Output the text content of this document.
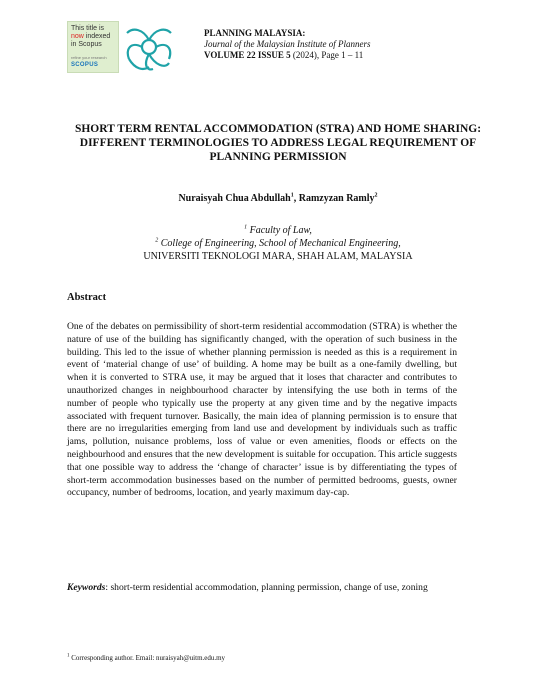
This title is
now indexed
in Scopus
refine your research
SCOPUS
PLANNING MALAYSIA:
Journal of the Malaysian Institute of Planners
VOLUME 22 ISSUE 5 (2024), Page 1 – 11
SHORT TERM RENTAL ACCOMMODATION (STRA) AND HOME SHARING: DIFFERENT TERMINOLOGIES TO ADDRESS LEGAL REQUIREMENT OF PLANNING PERMISSION
Nuraisyah Chua Abdullah$^1$, Ramzyzan Ramly$^2$
$^1$ Faculty of Law,
$^2$ College of Engineering, School of Mechanical Engineering,
UNIVERSITI TEKNOLOGI MARA, SHAH ALAM, MALAYSIA
Abstract
One of the debates on permissibility of short-term residential accommodation (STRA) is whether the nature of use of the building has significantly changed, with the operation of such business in the building. This led to the issue of whether planning permission is needed as this is a requirement in event of ‘material change of use’ of building. A home may be built as a one-family dwelling, but when it is converted to STRA use, it may be argued that it loses that character and contributes to unauthorized changes in neighbourhood character by intensifying the use both in terms of the number of people who typically use the property at any given time and by the negative impacts associated with frequent turnover. Basically, the main idea of planning permission is to ensure that there are no irregularities emerging from land use and development by individuals such as traffic jams, pollution, nuisance problems, loss of value or even amenities, floods or effects on the neighbourhood and ensures that the new development is suitable for occupation. This article suggests that one possible way to address the ‘change of character’ issue is by differentiating the types of short-term accommodation businesses based on the number of permitted bedrooms, guests, owner occupancy, number of bedrooms, location, and yearly maximum day-cap.
Keywords: short-term residential accommodation, planning permission, change of use, zoning
$^1$ Corresponding author. Email: nuraisyah@uitm.edu.my
